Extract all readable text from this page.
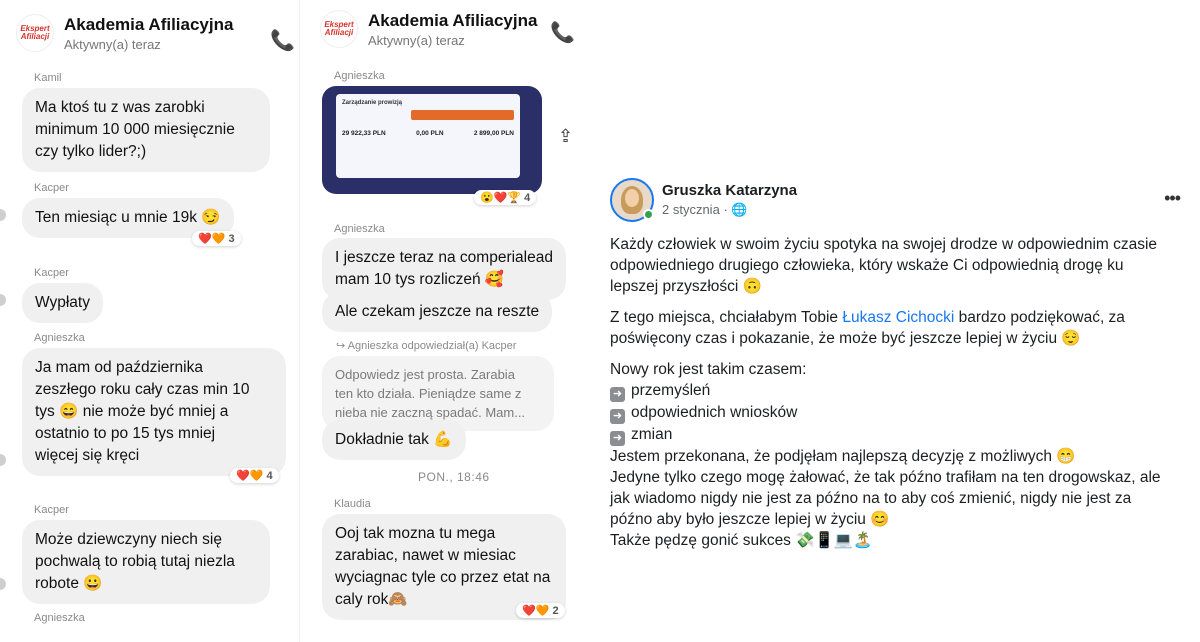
Ekspert
Afiliacji
Akademia Afiliacyjna
Aktywny(a) teraz	📞
Kamil
Ma ktoś tu z was zarobki
minimum 10 000 miesięcznie
czy tylko lider?;)
Kacper
Ten miesiąc u mnie 19k 😏
❤️🧡 3
Kacper
Wypłaty
Agnieszka
Ja mam od października
zeszłego roku cały czas min 10
tys 😄 nie może być mniej a
ostatnio to po 15 tys mniej
więcej się kręci
❤️🧡 4
Kacper
Może dziewczyny niech się
pochwalą to robią tutaj niezla
robote 😀
Agnieszka
Ekspert
Afiliacji
Akademia Afiliacyjna
Aktywny(a) teraz	📞
Agnieszka
Zarządzanie prowizją
29 922,33 PLN	0,00 PLN	2 899,00 PLN
😮❤️🏆 4
⇪
Agnieszka
I jeszcze teraz na comperialead
mam 10 tys rozliczeń 🥰
Ale czekam jeszcze na reszte
↪ Agnieszka odpowiedział(a) Kacper
Odpowiedz jest prosta. Zarabia
ten kto działa. Pieniądze same z
nieba nie zaczną spadać. Mam...
Dokładnie tak 💪
PON., 18:46
Klaudia
Ooj tak mozna tu mega
zarabiac, nawet w miesiac
wyciagnac tyle co przez etat na
caly rok🙈
❤️🧡 2
Gruszka Katarzyna
2 stycznia · 🌐
•••

Każdy człowiek w swoim życiu spotyka na swojej drodze w odpowiednim czasie
odpowiedniego drugiego człowieka, który wskaże Ci odpowiednią drogę ku
lepszej przyszłości 🙃

Z tego miejsca, chciałabym Tobie Łukasz Cichocki bardzo podziękować, za
poświęcony czas i pokazanie, że może być jeszcze lepiej w życiu 😌

Nowy rok jest takim czasem:
➜ przemyśleń
➜ odpowiednich wniosków
➜ zmian
Jestem przekonana, że podjęłam najlepszą decyzję z możliwych 😁
Jedyne tylko czego mogę żałować, że tak późno trafiłam na ten drogowskaz, ale
jak wiadomo nigdy nie jest za późno na to aby coś zmienić, nigdy nie jest za
późno aby było jeszcze lepiej w życiu 😊
Także pędzę gonić sukces 💸📱💻🏝️
